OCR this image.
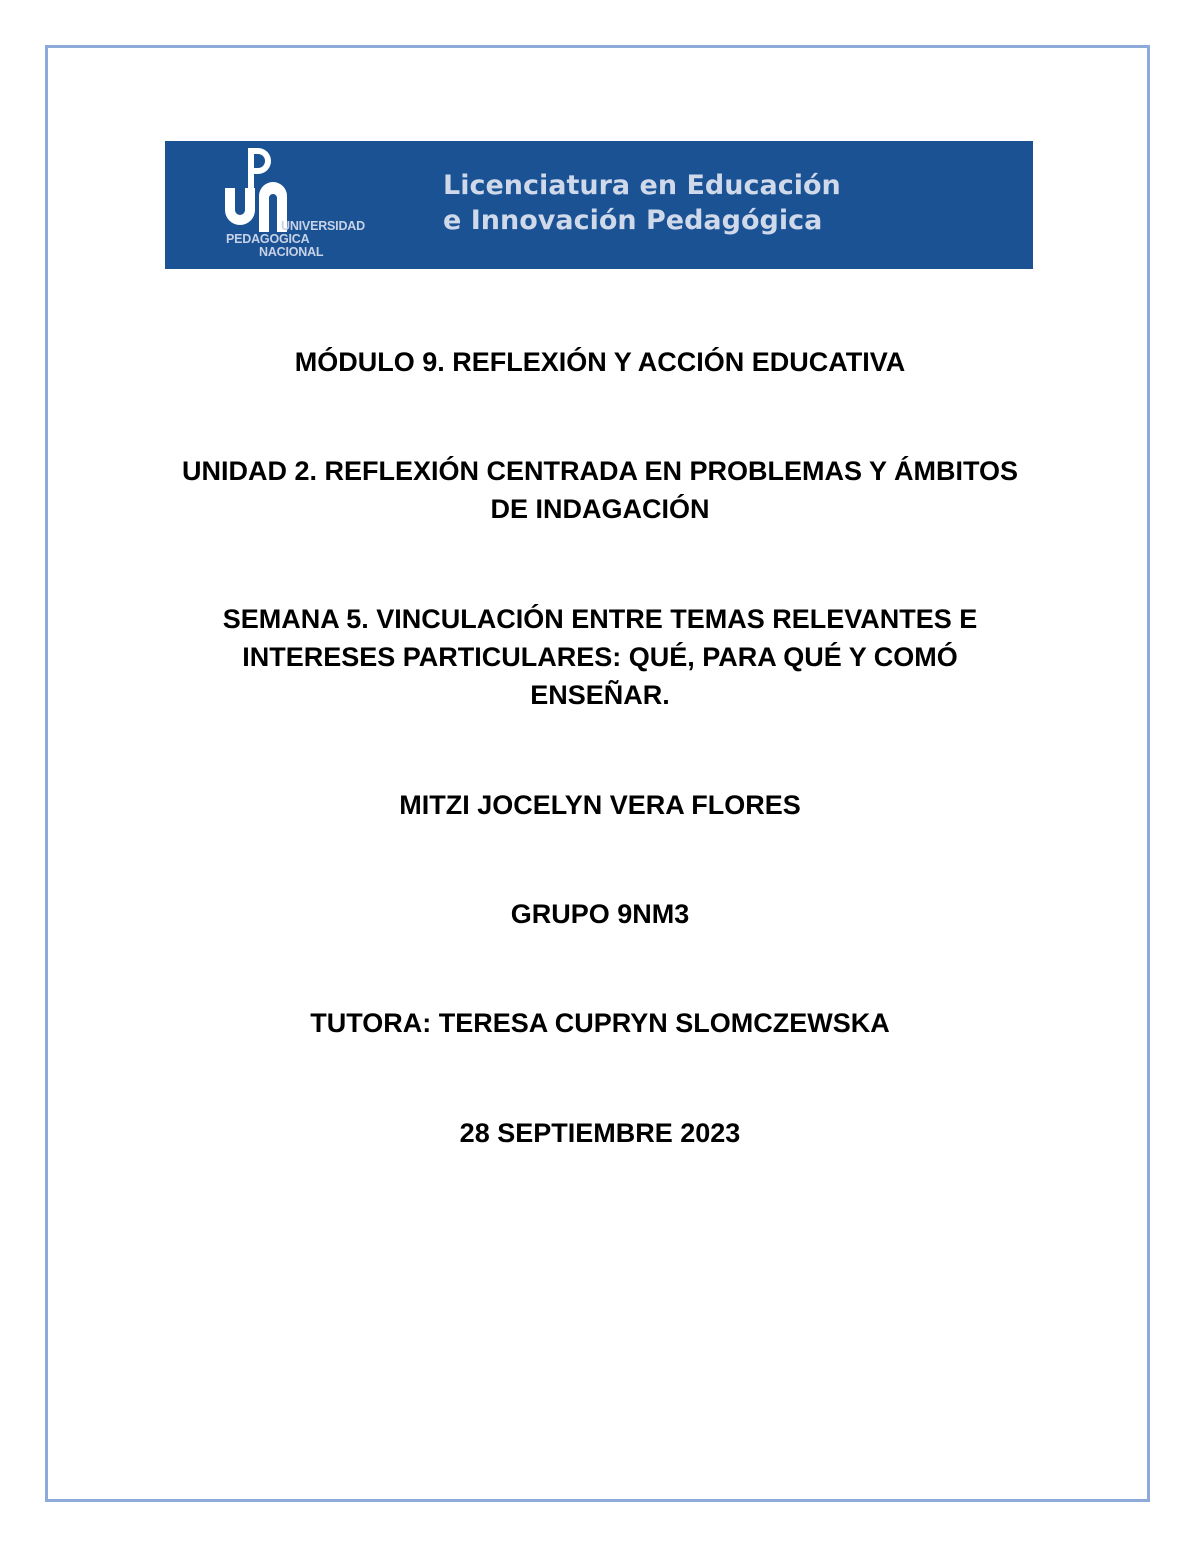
UNIVERSIDAD
PEDAGOGICA
NACIONAL
Licenciatura en Educación
e Innovación Pedagógica

MÓDULO 9. REFLEXIÓN Y ACCIÓN EDUCATIVA

UNIDAD 2. REFLEXIÓN CENTRADA EN PROBLEMAS Y ÁMBITOS

DE INDAGACIÓN

SEMANA 5. VINCULACIÓN ENTRE TEMAS RELEVANTES E

INTERESES PARTICULARES: QUÉ, PARA QUÉ Y COMÓ

ENSEÑAR.

MITZI JOCELYN VERA FLORES

GRUPO 9NM3

TUTORA: TERESA CUPRYN SLOMCZEWSKA

28 SEPTIEMBRE 2023
